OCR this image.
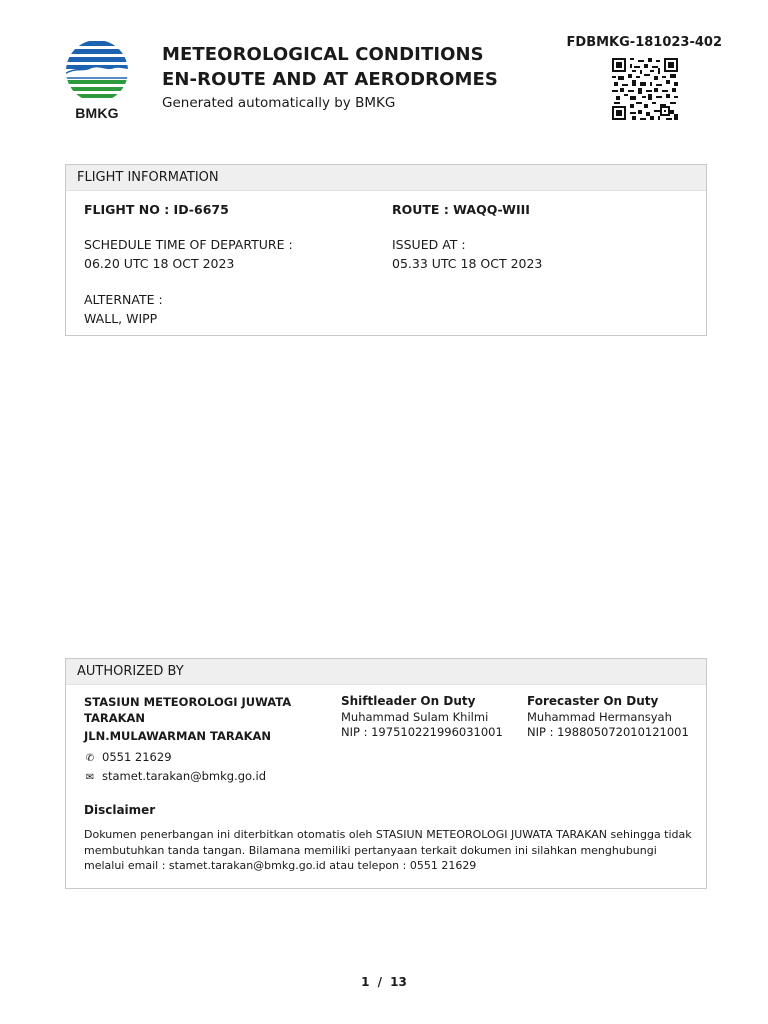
BMKG
METEOROLOGICAL CONDITIONS
EN-ROUTE AND AT AERODROMES
Generated automatically by BMKG
FDBMKG-181023-402
FLIGHT INFORMATION
FLIGHT NO : ID-6675	ROUTE : WAQQ-WIII
SCHEDULE TIME OF DEPARTURE :
06.20 UTC 18 OCT 2023
ISSUED AT :
05.33 UTC 18 OCT 2023
ALTERNATE :
WALL, WIPP
AUTHORIZED BY
STASIUN METEOROLOGI JUWATA
TARAKAN
JLN.MULAWARMAN TARAKAN
✆ 0551 21629
✉ stamet.tarakan@bmkg.go.id
Shiftleader On Duty
Muhammad Sulam Khilmi
NIP : 197510221996031001
Forecaster On Duty
Muhammad Hermansyah
NIP : 198805072010121001
Disclaimer
Dokumen penerbangan ini diterbitkan otomatis oleh STASIUN METEOROLOGI JUWATA TARAKAN sehingga tidak membutuhkan tanda tangan. Bilamana memiliki pertanyaan terkait dokumen ini silahkan menghubungi melalui email : stamet.tarakan@bmkg.go.id atau telepon : 0551 21629
1 / 13
